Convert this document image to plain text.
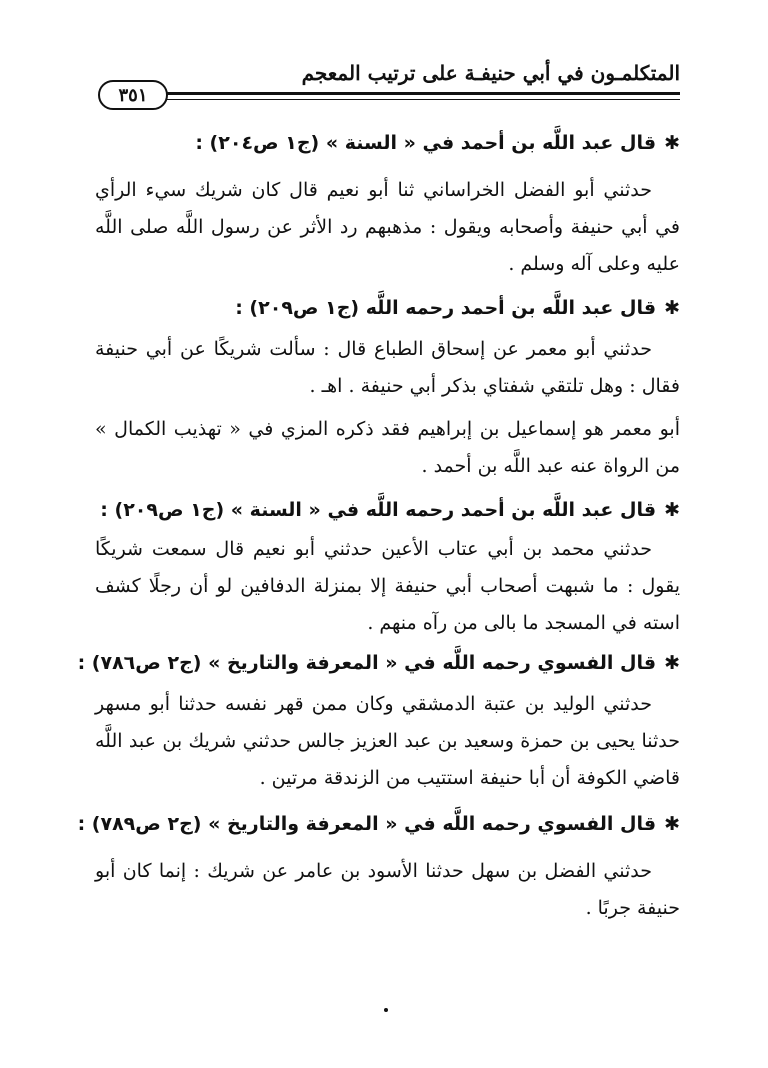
المتكلمـون في أبي حنيفـة على ترتيب المعجم
٣٥١
✱قال عبد اللَّه بن أحمد في « السنة » (ج١ ص٢٠٤) :

حدثني أبو الفضل الخراساني ثنا أبو نعيم قال كان شريك سيء الرأي في أبي حنيفة وأصحابه ويقول : مذهبهم رد الأثر عن رسول اللَّه صلى اللَّه عليه وعلى آله وسلم .

✱قال عبد اللَّه بن أحمد رحمه اللَّه (ج١ ص٢٠٩) :

حدثني أبو معمر عن إسحاق الطباع قال : سألت شريكًا عن أبي حنيفة فقال : وهل تلتقي شفتاي بذكر أبي حنيفة . اهـ .

أبو معمر هو إسماعيل بن إبراهيم فقد ذكره المزي في « تهذيب الكمال » من الرواة عنه عبد اللَّه بن أحمد .

✱قال عبد اللَّه بن أحمد رحمه اللَّه في « السنة » (ج١ ص٢٠٩) :

حدثني محمد بن أبي عتاب الأعين حدثني أبو نعيم قال سمعت شريكًا يقول : ما شبهت أصحاب أبي حنيفة إلا بمنزلة الدفافين لو أن رجلًا كشف استه في المسجد ما بالى من رآه منهم .

✱قال الفسوي رحمه اللَّه في « المعرفة والتاريخ » (ج٢ ص٧٨٦) :

حدثني الوليد بن عتبة الدمشقي وكان ممن قهر نفسه حدثنا أبو مسهر حدثنا يحيى بن حمزة وسعيد بن عبد العزيز جالس حدثني شريك بن عبد اللَّه قاضي الكوفة أن أبا حنيفة استتيب من الزندقة مرتين .

✱قال الفسوي رحمه اللَّه في « المعرفة والتاريخ » (ج٢ ص٧٨٩) :

حدثني الفضل بن سهل حدثنا الأسود بن عامر عن شريك : إنما كان أبو حنيفة جربًا .
